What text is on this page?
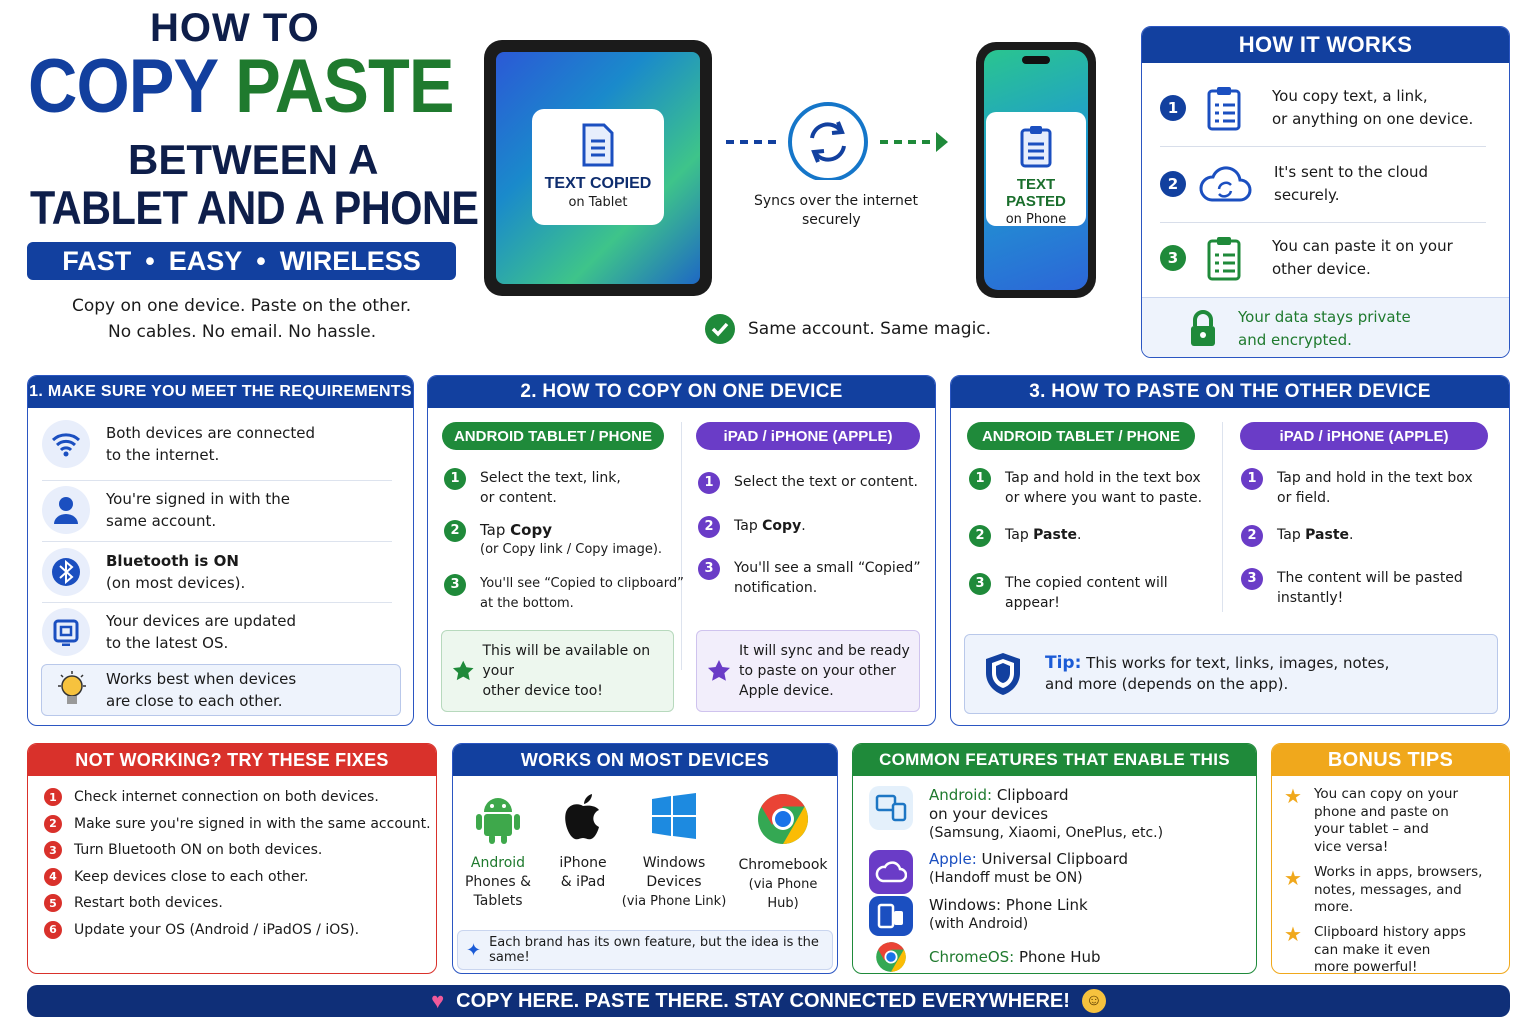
HOW TO
COPY PASTE
BETWEEN A
TABLET AND A PHONE
FAST • EASY • WIRELESS
Copy on one device. Paste on the other.
No cables. No email. No hassle.
TEXT COPIED
on Tablet	Syncs over the internet
securely
TEXT PASTED
on Phone
Same account. Same magic.
HOW IT WORKS
1
You copy text, a link,
or anything on one device.
2
It's sent to the cloud
securely.
3
You can paste it on your
other device.
Your data stays private
and encrypted.
1. MAKE SURE YOU MEET THE REQUIREMENTS
Both devices are connected
to the internet.
You're signed in with the
same account.
Bluetooth is ON
(on most devices).
Your devices are updated
to the latest OS.
Works best when devices
are close to each other.
2. HOW TO COPY ON ONE DEVICE
ANDROID TABLET / PHONE	iPAD / iPHONE (APPLE)
1	Select the text, link,
or content.
2	Tap Copy
(or Copy link / Copy image).
3	You'll see “Copied to clipboard”
at the bottom.
1	Select the text or content.
2	Tap Copy.
3	You'll see a small “Copied”
notification.
This will be available on your
other device too!
It will sync and be ready
to paste on your other
Apple device.
3. HOW TO PASTE ON THE OTHER DEVICE
ANDROID TABLET / PHONE	iPAD / iPHONE (APPLE)
1	Tap and hold in the text box
or where you want to paste.
2	Tap Paste.
3	The copied content will
appear!
1	Tap and hold in the text box
or field.
2	Tap Paste.
3	The content will be pasted
instantly!
Tip: This works for text, links, images, notes,
and more (depends on the app).
NOT WORKING? TRY THESE FIXES
1	Check internet connection on both devices.
2	Make sure you're signed in with the same account.
3	Turn Bluetooth ON on both devices.
4	Keep devices close to each other.
5	Restart both devices.
6	Update your OS (Android / iPadOS / iOS).
WORKS ON MOST DEVICES
Android
Phones &
Tablets
iPhone
& iPad
Windows
Devices
(via Phone Link)
Chromebook
(via Phone Hub)
✦ Each brand has its own feature, but the idea is the same!
COMMON FEATURES THAT ENABLE THIS
Android: Clipboard
on your devices
(Samsung, Xiaomi, OnePlus, etc.)
Apple: Universal Clipboard
(Handoff must be ON)
Windows: Phone Link
(with Android)
ChromeOS: Phone Hub
BONUS TIPS
★ You can copy on your
phone and paste on
your tablet – and
vice versa!
★ Works in apps, browsers,
notes, messages, and
more.
★ Clipboard history apps
can make it even
more powerful!
♥ COPY HERE. PASTE THERE. STAY CONNECTED EVERYWHERE! ☺
